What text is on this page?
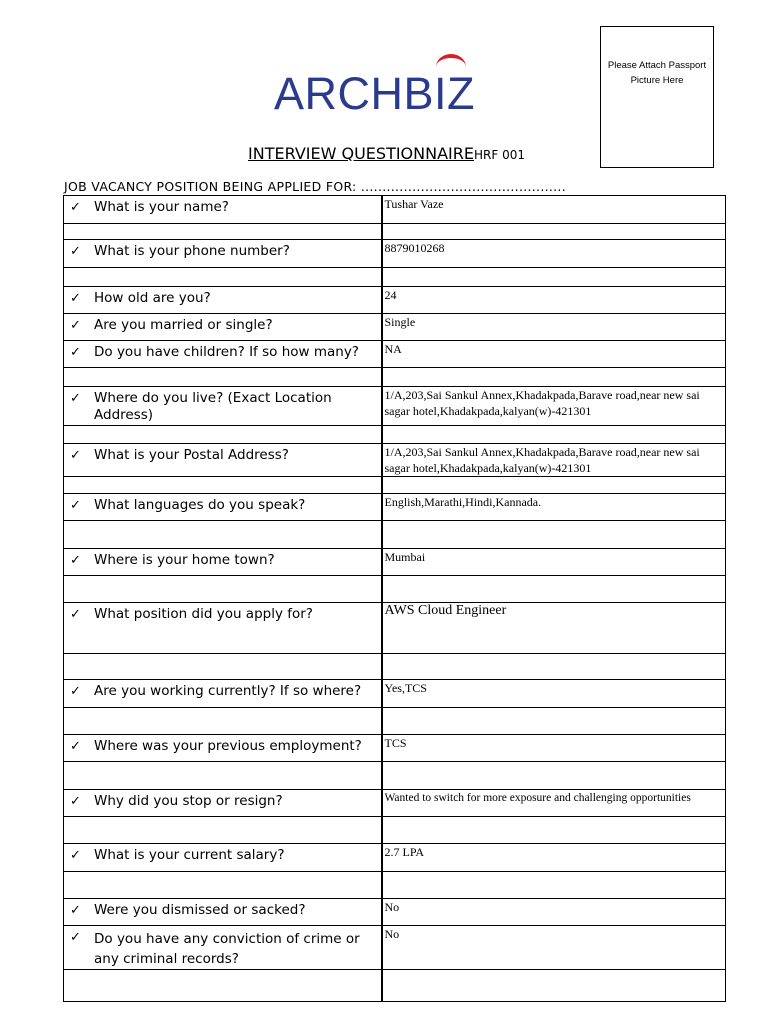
ARCHBIZ
Please Attach Passport Picture Here
INTERVIEW QUESTIONNAIREHRF 001
JOB VACANCY POSITION BEING APPLIED FOR: ................................................
✓ What is your name?	Tushar Vaze

✓ What is your phone number?	8879010268

✓ How old are you?	24

✓ Are you married or single?	Single

✓ Do you have children? If so how many?	NA

✓ Where do you live? (Exact Location Address)	1/A,203,Sai Sankul Annex,Khadakpada,Barave road,near new sai sagar hotel,Khadakpada,kalyan(w)-421301

✓ What is your Postal Address?	1/A,203,Sai Sankul Annex,Khadakpada,Barave road,near new sai sagar hotel,Khadakpada,kalyan(w)-421301

✓ What languages do you speak?	English,Marathi,Hindi,Kannada.

✓ Where is your home town?	Mumbai

✓ What position did you apply for?	AWS Cloud Engineer

✓ Are you working currently? If so where?	Yes,TCS

✓ Where was your previous employment?	TCS

✓ Why did you stop or resign?	Wanted to switch for more exposure and challenging opportunities

✓ What is your current salary?	2.7 LPA

✓ Were you dismissed or sacked?	No

✓ Do you have any conviction of crime or any criminal records?	No
